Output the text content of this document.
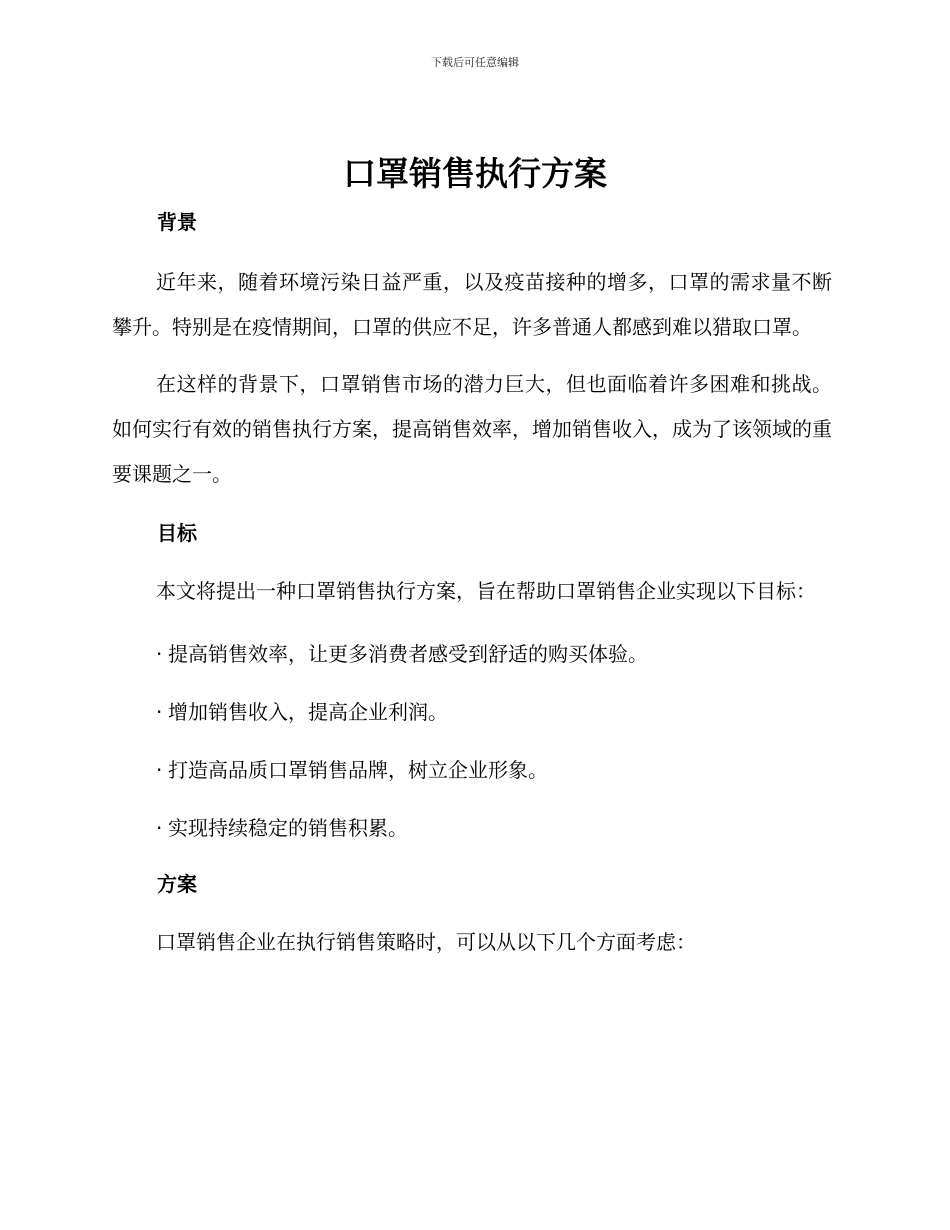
下载后可任意编辑
口罩销售执行方案
背景

近年来，随着环境污染日益严重，以及疫苗接种的增多，口罩的需求量不断攀升。特别是在疫情期间，口罩的供应不足，许多普通人都感到难以猎取口罩。

在这样的背景下，口罩销售市场的潜力巨大，但也面临着许多困难和挑战。如何实行有效的销售执行方案，提高销售效率，增加销售收入，成为了该领域的重要课题之一。

目标

本文将提出一种口罩销售执行方案，旨在帮助口罩销售企业实现以下目标：

· 提高销售效率，让更多消费者感受到舒适的购买体验。
· 增加销售收入，提高企业利润。
· 打造高品质口罩销售品牌，树立企业形象。
· 实现持续稳定的销售积累。
方案
口罩销售企业在执行销售策略时，可以从以下几个方面考虑：
